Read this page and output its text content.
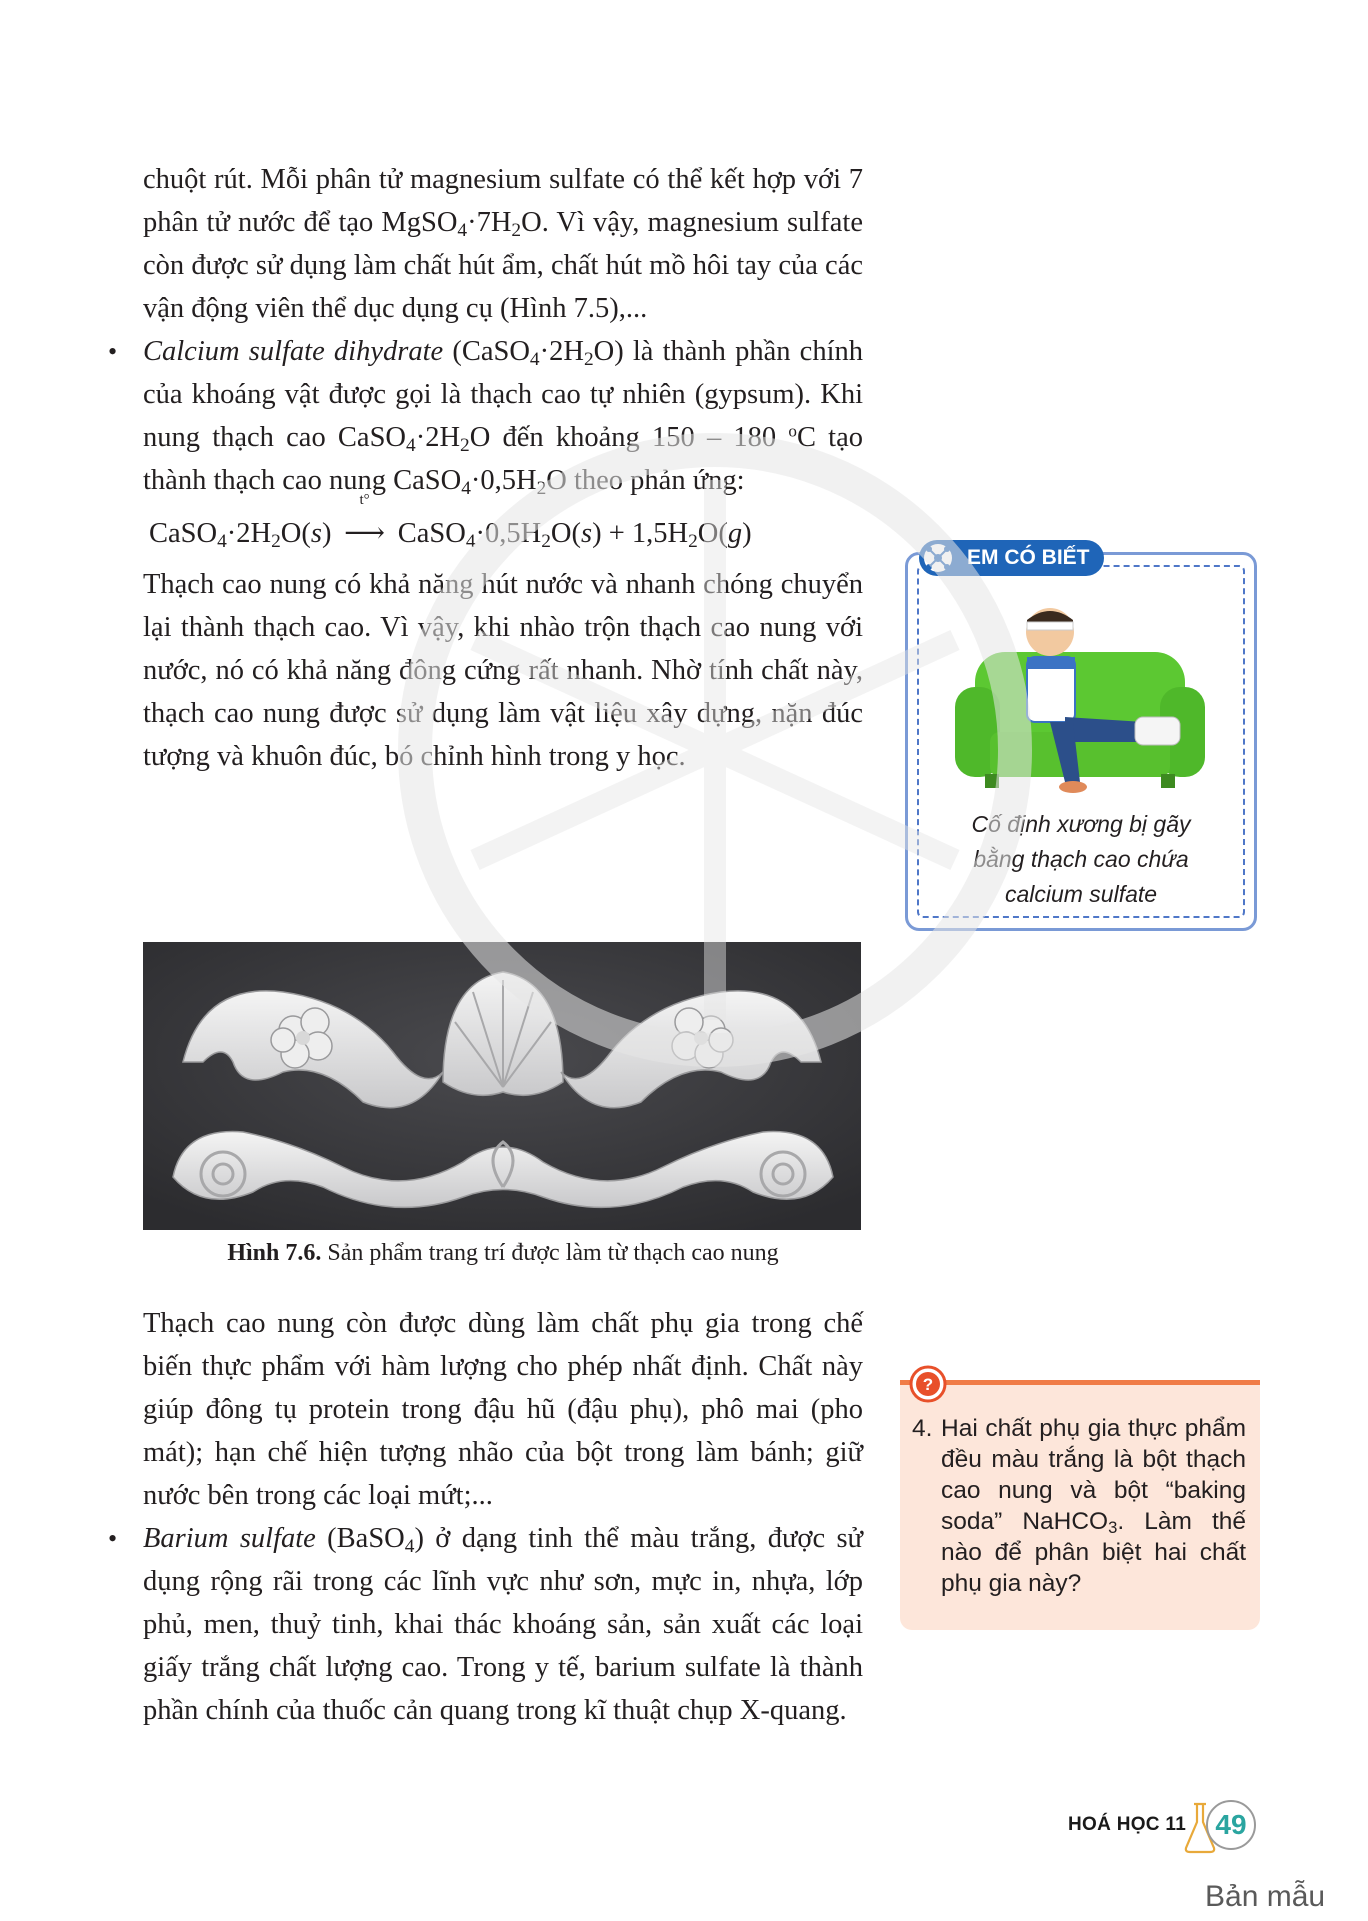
chuột rút. Mỗi phân tử magnesium sulfate có thể kết hợp với 7 phân tử nước để tạo $MgSO_4\cdot 7H_2O$. Vì vậy, magnesium sulfate còn được sử dụng làm chất hút ẩm, chất hút mồ hôi tay của các vận động viên thể dục dụng cụ (Hình 7.5),...

• Calcium sulfate dihydrate $(CaSO_4\cdot 2H_2O)$ là thành phần chính của khoáng vật được gọi là thạch cao tự nhiên (gypsum). Khi nung thạch cao $CaSO_4\cdot 2H_2O$ đến khoảng 150 – 180 $^o$C tạo thành thạch cao nung $CaSO_4\cdot 0,5H_2O$ theo phản ứng:

$CaSO_4\cdot 2H_2O(s)$
t°
⟶ $CaSO_4\cdot 0,5H_2O(s) + 1,5H_2O(g)$

Thạch cao nung có khả năng hút nước và nhanh chóng chuyển lại thành thạch cao. Vì vậy, khi nhào trộn thạch cao nung với nước, nó có khả năng đông cứng rất nhanh. Nhờ tính chất này, thạch cao nung được sử dụng làm vật liệu xây dựng, nặn đúc tượng và khuôn đúc, bó chỉnh hình trong y học.

Hình 7.6. Sản phẩm trang trí được làm từ thạch cao nung

Thạch cao nung còn được dùng làm chất phụ gia trong chế biến thực phẩm với hàm lượng cho phép nhất định. Chất này giúp đông tụ protein trong đậu hũ (đậu phụ), phô mai (pho mát); hạn chế hiện tượng nhão của bột trong làm bánh; giữ nước bên trong các loại mứt;...

• Barium sulfate (BaSO$_4$) ở dạng tinh thể màu trắng, được sử dụng rộng rãi trong các lĩnh vực như sơn, mực in, nhựa, lớp phủ, men, thuỷ tinh, khai thác khoáng sản, sản xuất các loại giấy trắng chất lượng cao. Trong y tế, barium sulfate là thành phần chính của thuốc cản quang trong kĩ thuật chụp X-quang.

EM CÓ BIẾT
Cố định xương bị gãy
bằng thạch cao chứa
calcium sulfate
?
4. Hai chất phụ gia thực phẩm đều màu trắng là bột thạch cao nung và bột “baking soda” NaHCO$_3$. Làm thế nào để phân biệt hai chất phụ gia này?
HOÁ HỌC 11	49
Bản mẫu
